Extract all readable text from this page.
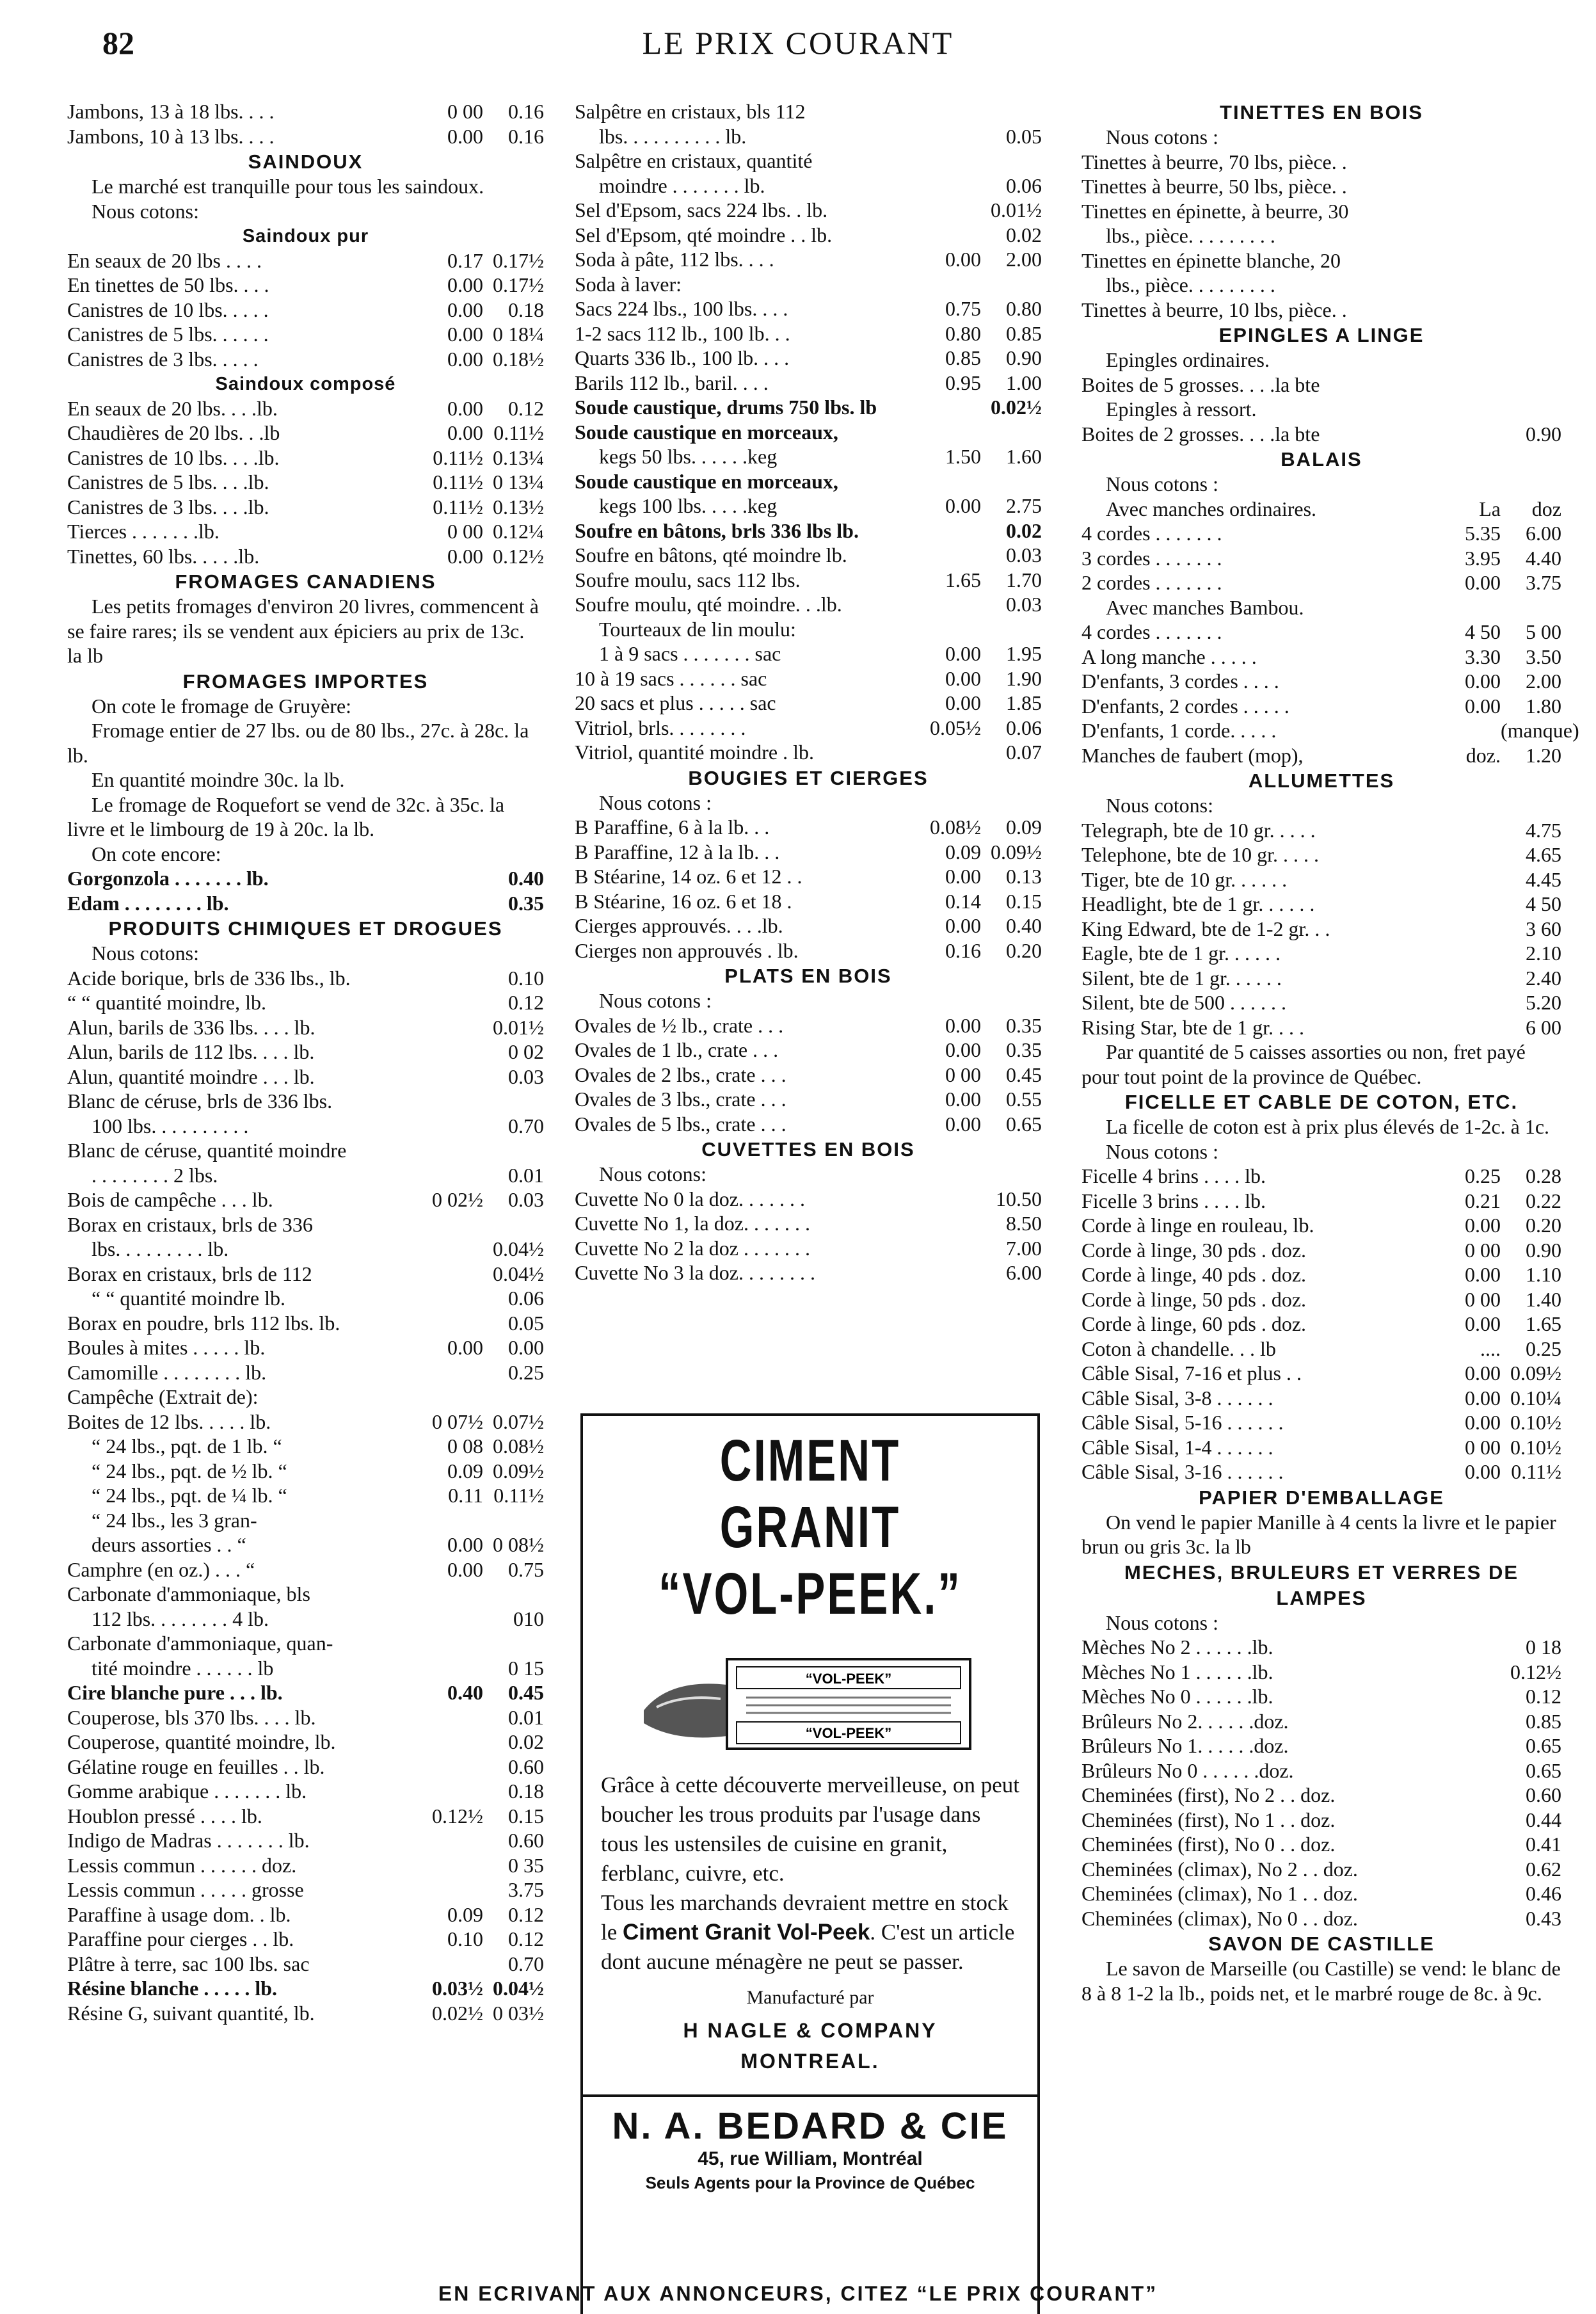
LE PRIX COURANT
82
Jambons, 13 à 18 lbs. . . .	0 00	0.16
Jambons, 10 à 13 lbs. . . .	0.00	0.16
SAINDOUX
Le marché est tranquille pour tous les saindoux.
Nous cotons:
Saindoux pur
En seaux de 20 lbs . . . .	0.17 0.17½
En tinettes de 50 lbs. . . .	0.00 0.17½
Canistres de 10 lbs. . . . .	0.00	0.18
Canistres de 5 lbs. . . . . .	0.00 0 18¼
Canistres de 3 lbs. . . . .	0.00 0.18½
Saindoux composé
En seaux de 20 lbs. . . .lb.	0.00	0.12
Chaudières de 20 lbs. . .lb	0.00 0.11½
Canistres de 10 lbs. . . .lb.	0.11½ 0.13¼
Canistres de 5 lbs. . . .lb.	0.11½ 0 13¼
Canistres de 3 lbs. . . .lb.	0.11½ 0.13½
Tierces . . . . . . .lb.	0 00 0.12¼
Tinettes, 60 lbs. . . . .lb.	0.00 0.12½
FROMAGES CANADIENS
Les petits fromages d'environ 20 livres, commencent à se faire rares; ils se vendent aux épiciers au prix de 13c. la lb
FROMAGES IMPORTES
On cote le fromage de Gruyère:
Fromage entier de 27 lbs. ou de 80 lbs., 27c. à 28c. la lb.
En quantité moindre 30c. la lb.
Le fromage de Roquefort se vend de 32c. à 35c. la livre et le limbourg de 19 à 20c. la lb.
On cote encore:
Gorgonzola . . . . . . . lb.	0.40
Edam . . . . . . . . lb.	0.35
PRODUITS CHIMIQUES ET DROGUES
Nous cotons:
Acide borique, brls de 336 lbs., lb.	0.10
“ “ quantité moindre, lb.	0.12
Alun, barils de 336 lbs. . . . lb.	0.01½
Alun, barils de 112 lbs. . . . lb.	0 02
Alun, quantité moindre . . . lb.	0.03
Blanc de céruse, brls de 336 lbs.
100 lbs. . . . . . . . . .	0.70
Blanc de céruse, quantité moindre
. . . . . . . . 2 lbs.	0.01
Bois de campêche . . . lb.	0 02½	0.03
Borax en cristaux, brls de 336
lbs. . . . . . . . . lb.	0.04½
Borax en cristaux, brls de 112	0.04½
“ “ quantité moindre lb.	0.06
Borax en poudre, brls 112 lbs. lb.	0.05
Boules à mites . . . . . lb.	0.00	0.00
Camomille . . . . . . . . lb.	0.25
Campêche (Extrait de):
Boites de 12 lbs. . . . . lb.	0 07½ 0.07½
“ 24 lbs., pqt. de 1 lb. “	0 08 0.08½
“ 24 lbs., pqt. de ½ lb. “	0.09 0.09½
“ 24 lbs., pqt. de ¼ lb. “	0.11 0.11½
“ 24 lbs., les 3 gran-
deurs assorties . . “	0.00 0 08½
Camphre (en oz.) . . . “	0.00	0.75
Carbonate d'ammoniaque, bls
112 lbs. . . . . . . . 4 lb.	010
Carbonate d'ammoniaque, quan-
tité moindre . . . . . . lb	0 15
Cire blanche pure . . . lb.	0.40	0.45
Couperose, bls 370 lbs. . . . lb.	0.01
Couperose, quantité moindre, lb.	0.02
Gélatine rouge en feuilles . . lb.	0.60
Gomme arabique . . . . . . . lb.	0.18
Houblon pressé . . . . lb.	0.12½	0.15
Indigo de Madras . . . . . . . lb.	0.60
Lessis commun . . . . . . doz.	0 35
Lessis commun . . . . . grosse	3.75
Paraffine à usage dom. . lb.	0.09	0.12
Paraffine pour cierges . . lb.	0.10	0.12
Plâtre à terre, sac 100 lbs. sac	0.70
Résine blanche . . . . . lb.	0.03½ 0.04½
Résine G, suivant quantité, lb.	0.02½ 0 03½
Salpêtre en cristaux, bls 112
lbs. . . . . . . . . . lb.	0.05
Salpêtre en cristaux, quantité
moindre . . . . . . . lb.	0.06
Sel d'Epsom, sacs 224 lbs. . lb.	0.01½
Sel d'Epsom, qté moindre . . lb.	0.02
Soda à pâte, 112 lbs. . . .	0.00	2.00
Soda à laver:
Sacs 224 lbs., 100 lbs. . . .	0.75	0.80
1-2 sacs 112 lb., 100 lb. . .	0.80	0.85
Quarts 336 lb., 100 lb. . . .	0.85	0.90
Barils 112 lb., baril. . . .	0.95	1.00
Soude caustique, drums 750 lbs. lb	0.02½
Soude caustique en morceaux,
kegs 50 lbs. . . . . .keg	1.50	1.60
Soude caustique en morceaux,
kegs 100 lbs. . . . .keg	0.00	2.75
Soufre en bâtons, brls 336 lbs lb.	0.02
Soufre en bâtons, qté moindre lb.	0.03
Soufre moulu, sacs 112 lbs.	1.65	1.70
Soufre moulu, qté moindre. . .lb.	0.03
Tourteaux de lin moulu:
1 à 9 sacs . . . . . . . sac	0.00	1.95
10 à 19 sacs . . . . . . sac	0.00	1.90
20 sacs et plus . . . . . sac	0.00	1.85
Vitriol, brls. . . . . . . .	0.05½	0.06
Vitriol, quantité moindre . lb.	0.07
BOUGIES ET CIERGES
Nous cotons :
B Paraffine, 6 à la lb. . .	0.08½	0.09
B Paraffine, 12 à la lb. . .	0.09 0.09½
B Stéarine, 14 oz. 6 et 12 . .	0.00	0.13
B Stéarine, 16 oz. 6 et 18 .	0.14	0.15
Cierges approuvés. . . .lb.	0.00	0.40
Cierges non approuvés . lb.	0.16	0.20
PLATS EN BOIS
Nous cotons :
Ovales de ½ lb., crate . . .	0.00	0.35
Ovales de 1 lb., crate . . .	0.00	0.35
Ovales de 2 lbs., crate . . .	0 00	0.45
Ovales de 3 lbs., crate . . .	0.00	0.55
Ovales de 5 lbs., crate . . .	0.00	0.65
CUVETTES EN BOIS
Nous cotons:
Cuvette No 0 la doz. . . . . . .	10.50
Cuvette No 1, la doz. . . . . . .	8.50
Cuvette No 2 la doz . . . . . . .	7.00
Cuvette No 3 la doz. . . . . . . .	6.00
TINETTES EN BOIS
Nous cotons :
Tinettes à beurre, 70 lbs, pièce. .
Tinettes à beurre, 50 lbs, pièce. .
Tinettes en épinette, à beurre, 30
lbs., pièce. . . . . . . . .
Tinettes en épinette blanche, 20
lbs., pièce. . . . . . . . .
Tinettes à beurre, 10 lbs, pièce. .
EPINGLES A LINGE
Epingles ordinaires.
Boites de 5 grosses. . . .la bte
Epingles à ressort.
Boites de 2 grosses. . . .la bte	0.90
BALAIS
Nous cotons :
Avec manches ordinaires.	La	doz
4 cordes . . . . . . .	5.35	6.00
3 cordes . . . . . . .	3.95	4.40
2 cordes . . . . . . .	0.00	3.75
Avec manches Bambou.
4 cordes . . . . . . .	4 50	5 00
A long manche . . . . .	3.30	3.50
D'enfants, 3 cordes . . . .	0.00	2.00
D'enfants, 2 cordes . . . . .	0.00	1.80
D'enfants, 1 corde. . . . .	(manque)
Manches de faubert (mop),	doz.	1.20
ALLUMETTES
Nous cotons:
Telegraph, bte de 10 gr. . . . .	4.75
Telephone, bte de 10 gr. . . . .	4.65
Tiger, bte de 10 gr. . . . . .	4.45
Headlight, bte de 1 gr. . . . . .	4 50
King Edward, bte de 1-2 gr. . .	3 60
Eagle, bte de 1 gr. . . . . .	2.10
Silent, bte de 1 gr. . . . . .	2.40
Silent, bte de 500 . . . . . .	5.20
Rising Star, bte de 1 gr. . . .	6 00
Par quantité de 5 caisses assorties ou non, fret payé pour tout point de la province de Québec.
FICELLE ET CABLE DE COTON, ETC.
La ficelle de coton est à prix plus élevés de 1-2c. à 1c.
Nous cotons :
Ficelle 4 brins . . . . lb.	0.25	0.28
Ficelle 3 brins . . . . lb.	0.21	0.22
Corde à linge en rouleau, lb.	0.00	0.20
Corde à linge, 30 pds . doz.	0 00	0.90
Corde à linge, 40 pds . doz.	0.00	1.10
Corde à linge, 50 pds . doz.	0 00	1.40
Corde à linge, 60 pds . doz.	0.00	1.65
Coton à chandelle. . . lb	....	0.25
Câble Sisal, 7-16 et plus . .	0.00 0.09½
Câble Sisal, 3-8 . . . . . .	0.00 0.10¼
Câble Sisal, 5-16 . . . . . .	0.00 0.10½
Câble Sisal, 1-4 . . . . . .	0 00 0.10½
Câble Sisal, 3-16 . . . . . .	0.00 0.11½
PAPIER D'EMBALLAGE
On vend le papier Manille à 4 cents la livre et le papier brun ou gris 3c. la lb
MECHES, BRULEURS ET VERRES DE
LAMPES
Nous cotons :
Mèches No 2 . . . . . .lb.	0 18
Mèches No 1 . . . . . .lb.	0.12½
Mèches No 0 . . . . . .lb.	0.12
Brûleurs No 2. . . . . .doz.	0.85
Brûleurs No 1. . . . . .doz.	0.65
Brûleurs No 0 . . . . . .doz.	0.65
Cheminées (first), No 2 . . doz.	0.60
Cheminées (first), No 1 . . doz.	0.44
Cheminées (first), No 0 . . doz.	0.41
Cheminées (climax), No 2 . . doz.	0.62
Cheminées (climax), No 1 . . doz.	0.46
Cheminées (climax), No 0 . . doz.	0.43
SAVON DE CASTILLE
Le savon de Marseille (ou Castille) se vend: le blanc de 8 à 8 1-2 la lb., poids net, et le marbré rouge de 8c. à 9c.
CIMENT GRANIT
“VOL-PEEK.”
“VOL-PEEK”
“VOL-PEEK”

Grâce à cette découverte merveilleuse, on peut boucher les trous produits par l'usage dans tous les ustensiles de cuisine en granit, ferblanc, cuivre, etc.

Tous les marchands devraient mettre en stock le Ciment Granit Vol-Peek. C'est un article dont aucune ménagère ne peut se passer.

Manufacturé par
H NAGLE & COMPANY
MONTREAL.
N. A. BEDARD & CIE
45, rue William, Montréal
Seuls Agents pour la Province de Québec
EN ECRIVANT AUX ANNONCEURS, CITEZ “LE PRIX COURANT”
